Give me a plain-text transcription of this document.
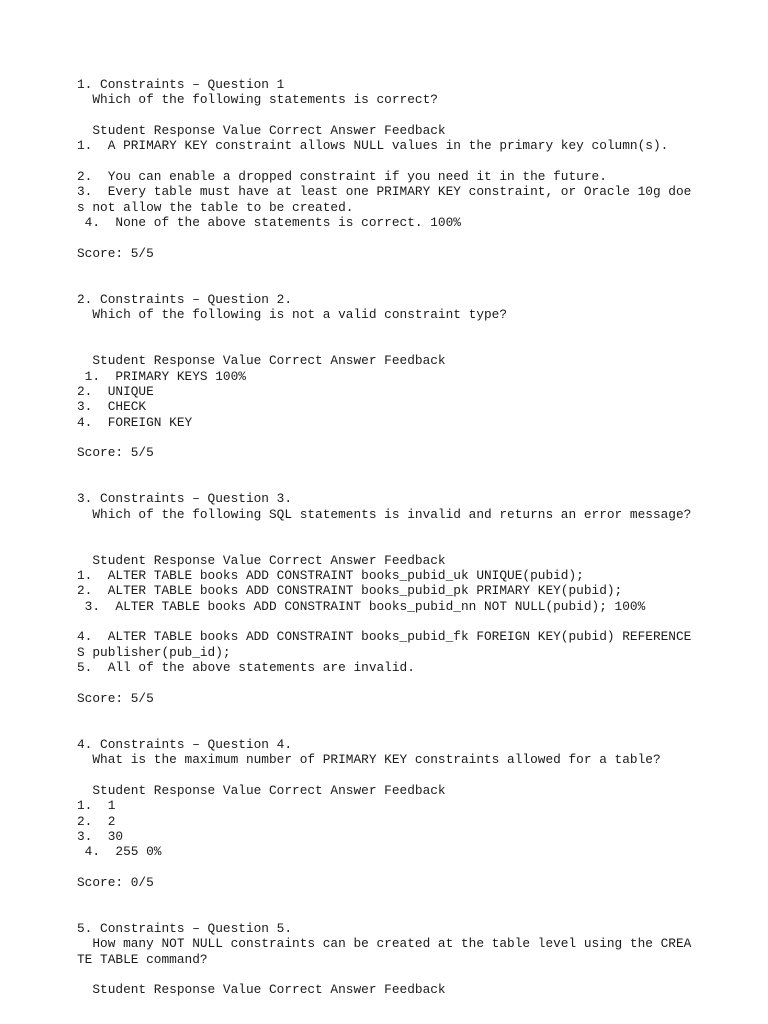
1. Constraints – Question 1
Which of the following statements is correct?

Student Response Value Correct Answer Feedback
1.  A PRIMARY KEY constraint allows NULL values in the primary key column(s).

2.  You can enable a dropped constraint if you need it in the future.
3.  Every table must have at least one PRIMARY KEY constraint, or Oracle 10g doe
s not allow the table to be created.
4.  None of the above statements is correct. 100%

Score: 5/5

2. Constraints – Question 2.
Which of the following is not a valid constraint type?

Student Response Value Correct Answer Feedback
1.  PRIMARY KEYS 100%
2.  UNIQUE
3.  CHECK
4.  FOREIGN KEY

Score: 5/5

3. Constraints – Question 3.
Which of the following SQL statements is invalid and returns an error message?

Student Response Value Correct Answer Feedback
1.  ALTER TABLE books ADD CONSTRAINT books_pubid_uk UNIQUE(pubid);
2.  ALTER TABLE books ADD CONSTRAINT books_pubid_pk PRIMARY KEY(pubid);
3.  ALTER TABLE books ADD CONSTRAINT books_pubid_nn NOT NULL(pubid); 100%

4.  ALTER TABLE books ADD CONSTRAINT books_pubid_fk FOREIGN KEY(pubid) REFERENCE
S publisher(pub_id);
5.  All of the above statements are invalid.

Score: 5/5

4. Constraints – Question 4.
What is the maximum number of PRIMARY KEY constraints allowed for a table?

Student Response Value Correct Answer Feedback
1.  1
2.  2
3.  30
4.  255 0%

Score: 0/5

5. Constraints – Question 5.
How many NOT NULL constraints can be created at the table level using the CREA
TE TABLE command?

Student Response Value Correct Answer Feedback
